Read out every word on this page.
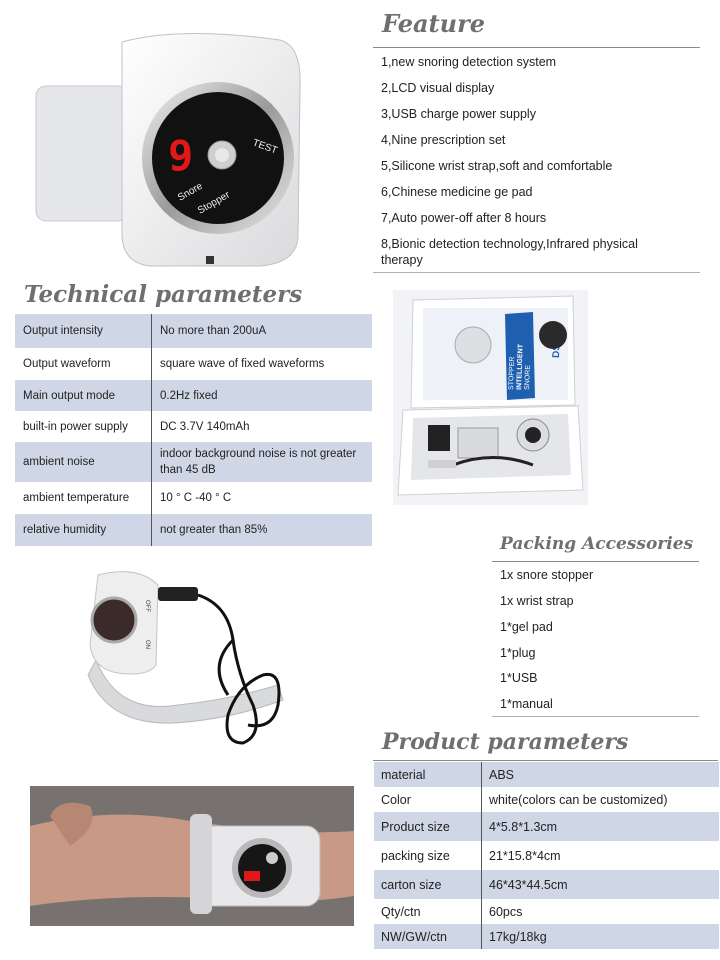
9	TEST
Snore
Stopper
Feature
1,new snoring detection system
2,LCD visual display
3,USB charge power supply
4,Nine prescription set
5,Silicone wrist strap,soft and comfortable
6,Chinese medicine ge pad
7,Auto power-off after 8 hours
8,Bionic detection technology,Infrared physical therapy
Technical parameters
Output intensity	No more than 200uA
Output waveform	square wave of fixed waveforms
Main output mode	0.2Hz fixed
built-in power supply	DC 3.7V 140mAh
ambient noise	indoor background noise is not greater than 45 dB
ambient temperature	10 ° C -40 ° C
relative humidity	not greater than 85%
INTELLIGENT SNORE
STOPPER
Packing Accessories
1x snore stopper
1x wrist strap
1*gel pad
1*plug
1*USB
1*manual
OFF
ON
Product parameters
material	ABS
Color	white(colors can be customized)
Product size	4*5.8*1.3cm
packing size	21*15.8*4cm
carton size	46*43*44.5cm
Qty/ctn	60pcs
NW/GW/ctn	17kg/18kg
